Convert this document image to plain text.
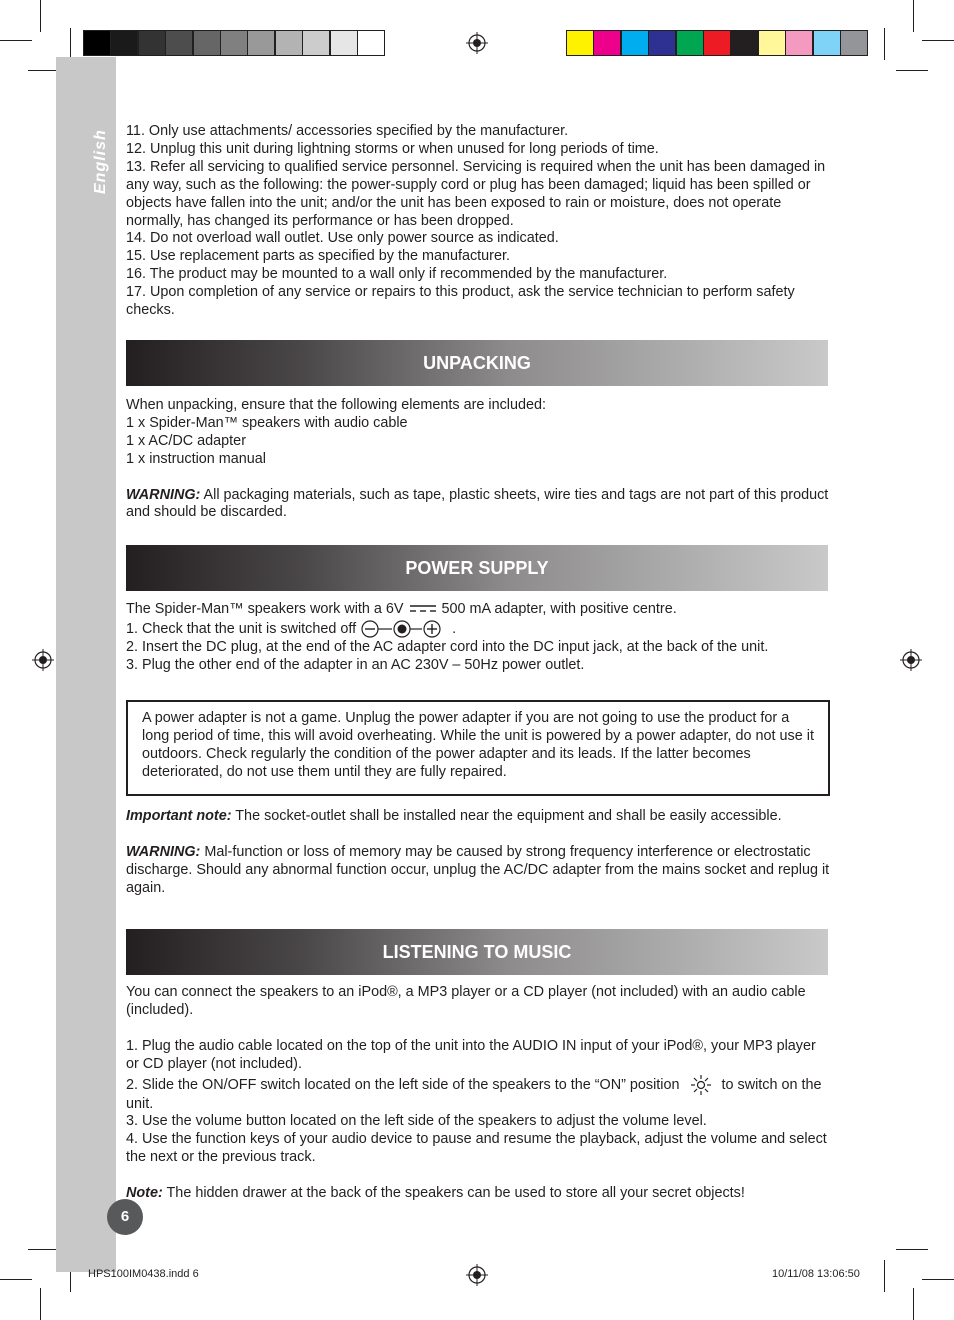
English
6

11. Only use attachments/ accessories specified by the manufacturer.

12. Unplug this unit during lightning storms or when unused for long periods of time.

13. Refer all servicing to qualified service personnel. Servicing is required when the unit has been damaged in any way, such as the following: the power-supply cord or plug has been damaged; liquid has been spilled or objects have fallen into the unit; and/or the unit has been exposed to rain or moisture, does not operate normally, has changed its performance or has been dropped.

14. Do not overload wall outlet. Use only power source as indicated.

15. Use replacement parts as specified by the manufacturer.

16. The product may be mounted to a wall only if recommended by the manufacturer.

17. Upon completion of any service or repairs to this product, ask the service technician to perform safety checks.

UNPACKING

When unpacking, ensure that the following elements are included:

1 x Spider-Man™ speakers with audio cable

1 x AC/DC adapter

1 x instruction manual

WARNING: All packaging materials, such as tape, plastic sheets, wire ties and tags are not part of this product and should be discarded.

POWER SUPPLY

The Spider-Man™ speakers work with a 6V	500 mA adapter, with positive centre.

1. Check that the unit is switched off	.

2. Insert the DC plug, at the end of the AC adapter cord into the DC input jack, at the back of the unit.

3. Plug the other end of the adapter in an AC 230V – 50Hz power outlet.

A power adapter is not a game. Unplug the power adapter if you are not going to use the product for a long period of time, this will avoid overheating. While the unit is powered by a power adapter, do not use it outdoors. Check regularly the condition of the power adapter and its leads. If the latter becomes deteriorated, do not use them until they are fully repaired.

Important note: The socket-outlet shall be installed near the equipment and shall be easily accessible.

WARNING: Mal-function or loss of memory may be caused by strong frequency interference or electrostatic discharge. Should any abnormal function occur, unplug the AC/DC adapter from the mains socket and replug it again.

LISTENING TO MUSIC

You can connect the speakers to an iPod®, a MP3 player or a CD player (not included) with an audio cable (included).

1. Plug the audio cable located on the top of the unit into the AUDIO IN input of your iPod®, your MP3 player or CD player (not included).

2. Slide the ON/OFF switch located on the left side of the speakers to the “ON” position	to switch on the unit.

3. Use the volume button located on the left side of the speakers to adjust the volume level.

4. Use the function keys of your audio device to pause and resume the playback, adjust the volume and select the next or the previous track.

Note: The hidden drawer at the back of the speakers can be used to store all your secret objects!

HPS100IM0438.indd 6	10/11/08 13:06:50
